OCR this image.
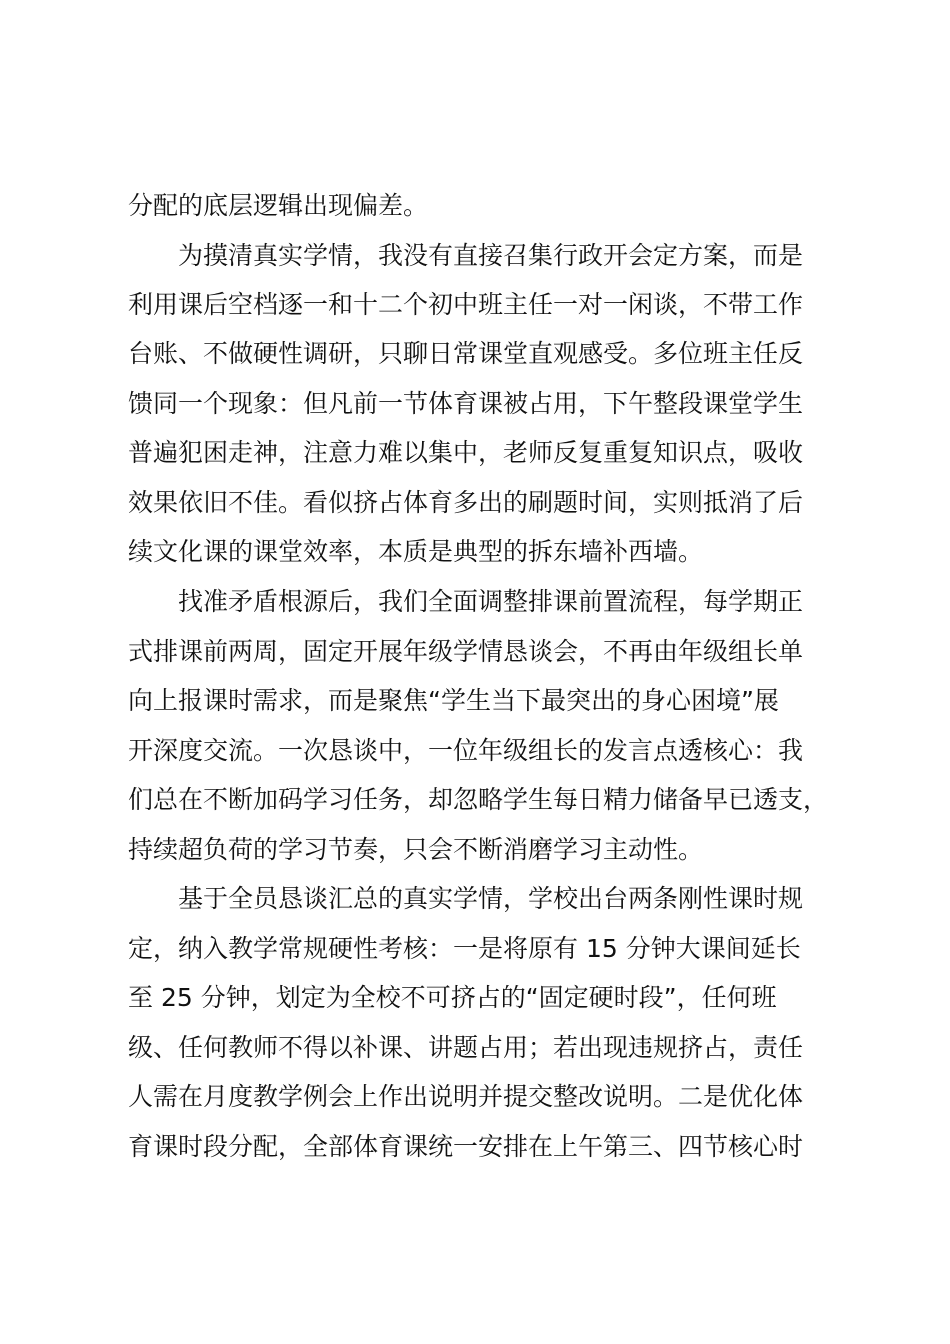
分配的底层逻辑出现偏差。
为摸清真实学情，我没有直接召集行政开会定方案，而是
利用课后空档逐一和十二个初中班主任一对一闲谈，不带工作
台账、不做硬性调研，只聊日常课堂直观感受。多位班主任反
馈同一个现象：但凡前一节体育课被占用，下午整段课堂学生
普遍犯困走神，注意力难以集中，老师反复重复知识点，吸收
效果依旧不佳。看似挤占体育多出的刷题时间，实则抵消了后
续文化课的课堂效率，本质是典型的拆东墙补西墙。
找准矛盾根源后，我们全面调整排课前置流程，每学期正
式排课前两周，固定开展年级学情恳谈会，不再由年级组长单
向上报课时需求，而是聚焦“学生当下最突出的身心困境”展
开深度交流。一次恳谈中，一位年级组长的发言点透核心：我
们总在不断加码学习任务，却忽略学生每日精力储备早已透支，
持续超负荷的学习节奏，只会不断消磨学习主动性。
基于全员恳谈汇总的真实学情，学校出台两条刚性课时规
定，纳入教学常规硬性考核：一是将原有 15 分钟大课间延长
至 25 分钟，划定为全校不可挤占的“固定硬时段”，任何班
级、任何教师不得以补课、讲题占用；若出现违规挤占，责任
人需在月度教学例会上作出说明并提交整改说明。二是优化体
育课时段分配，全部体育课统一安排在上午第三、四节核心时
